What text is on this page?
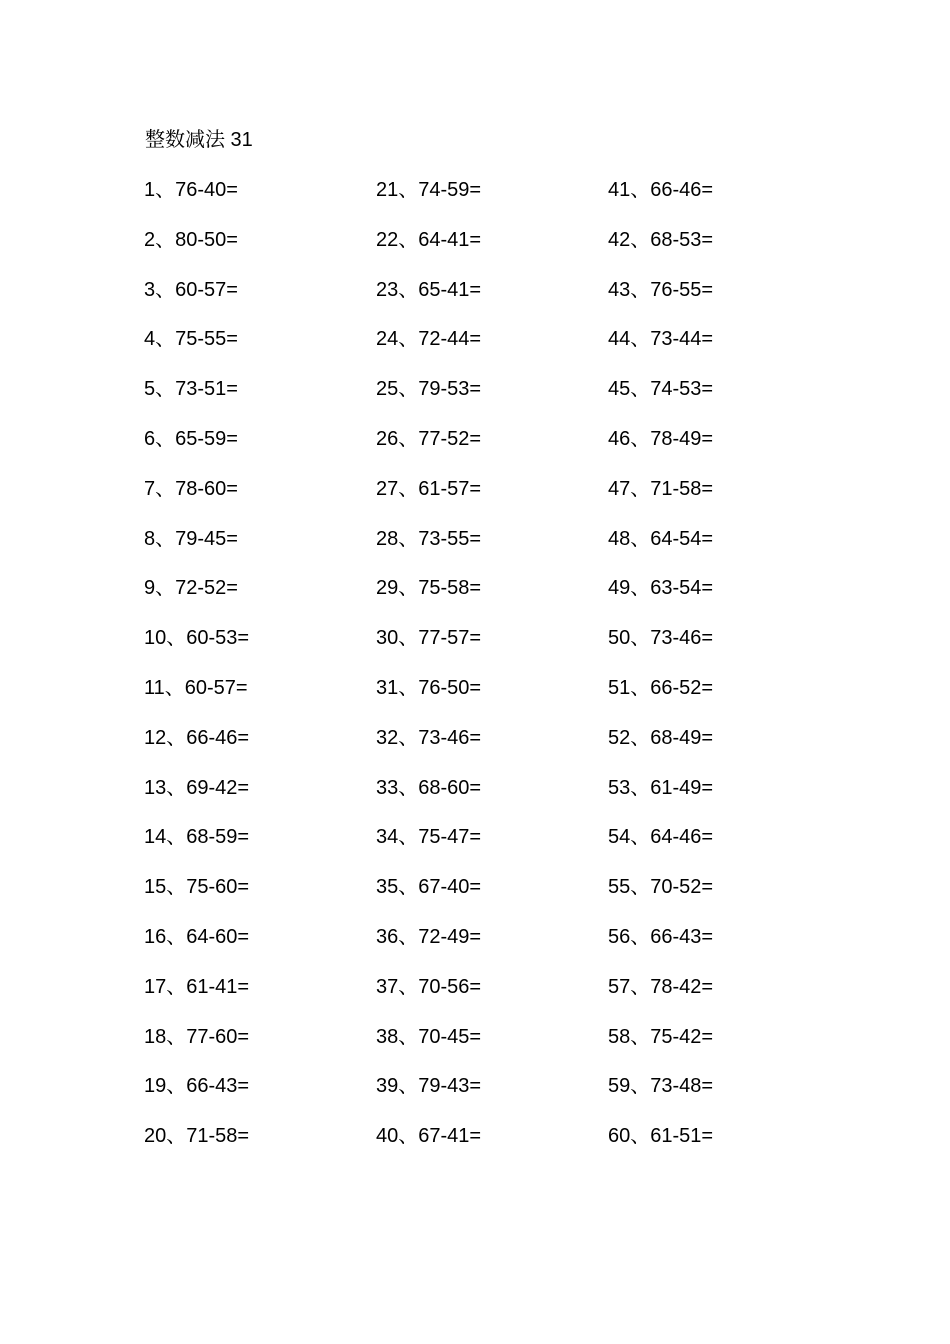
整数减法 31
1、76-40=
2、80-50=
3、60-57=
4、75-55=
5、73-51=
6、65-59=
7、78-60=
8、79-45=
9、72-52=
10、60-53=
11、60-57=
12、66-46=
13、69-42=
14、68-59=
15、75-60=
16、64-60=
17、61-41=
18、77-60=
19、66-43=
20、71-58=
21、74-59=
22、64-41=
23、65-41=
24、72-44=
25、79-53=
26、77-52=
27、61-57=
28、73-55=
29、75-58=
30、77-57=
31、76-50=
32、73-46=
33、68-60=
34、75-47=
35、67-40=
36、72-49=
37、70-56=
38、70-45=
39、79-43=
40、67-41=
41、66-46=
42、68-53=
43、76-55=
44、73-44=
45、74-53=
46、78-49=
47、71-58=
48、64-54=
49、63-54=
50、73-46=
51、66-52=
52、68-49=
53、61-49=
54、64-46=
55、70-52=
56、66-43=
57、78-42=
58、75-42=
59、73-48=
60、61-51=
